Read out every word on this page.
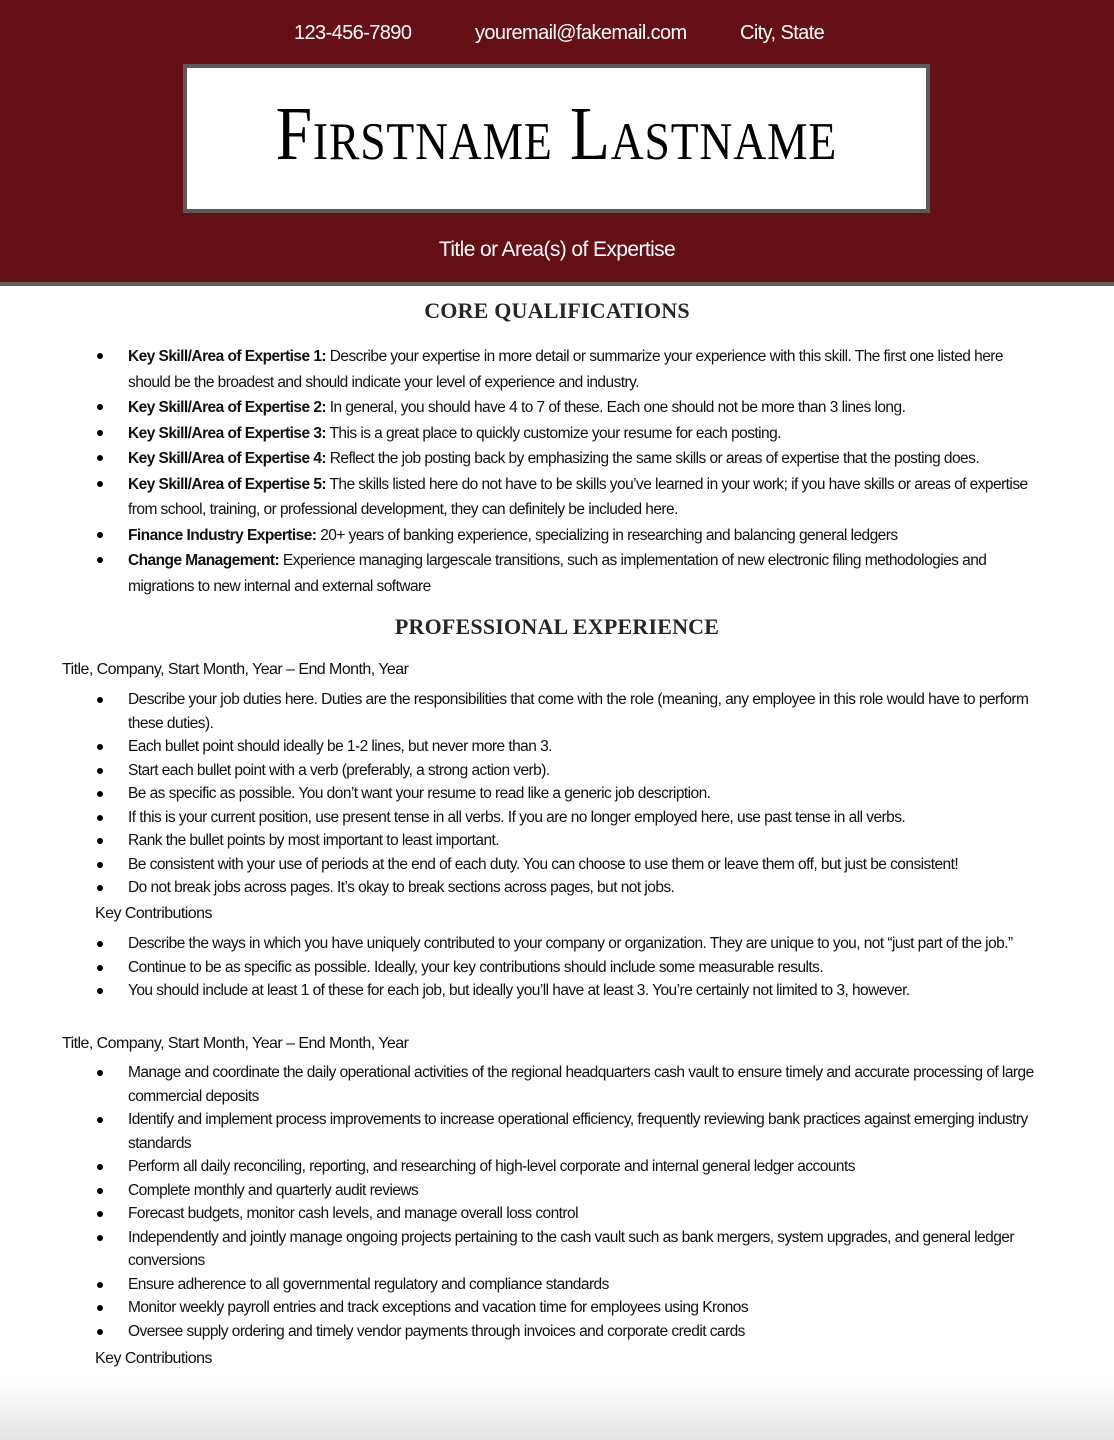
123-456-7890	youremail@fakemail.com	City, State
Firstname Lastname
Title or Area(s) of Expertise
CORE QUALIFICATIONS
Key Skill/Area of Expertise 1: Describe your expertise in more detail or summarize your experience with this skill. The first one listed here should be the broadest and should indicate your level of experience and industry.
Key Skill/Area of Expertise 2: In general, you should have 4 to 7 of these. Each one should not be more than 3 lines long.
Key Skill/Area of Expertise 3: This is a great place to quickly customize your resume for each posting.
Key Skill/Area of Expertise 4: Reflect the job posting back by emphasizing the same skills or areas of expertise that the posting does.
Key Skill/Area of Expertise 5: The skills listed here do not have to be skills you’ve learned in your work; if you have skills or areas of expertise from school, training, or professional development, they can definitely be included here.
Finance Industry Expertise: 20+ years of banking experience, specializing in researching and balancing general ledgers
Change Management: Experience managing largescale transitions, such as implementation of new electronic filing methodologies and migrations to new internal and external software
PROFESSIONAL EXPERIENCE
Title, Company, Start Month, Year – End Month, Year
Describe your job duties here. Duties are the responsibilities that come with the role (meaning, any employee in this role would have to perform these duties).
Each bullet point should ideally be 1-2 lines, but never more than 3.
Start each bullet point with a verb (preferably, a strong action verb).
Be as specific as possible. You don’t want your resume to read like a generic job description.
If this is your current position, use present tense in all verbs. If you are no longer employed here, use past tense in all verbs.
Rank the bullet points by most important to least important.
Be consistent with your use of periods at the end of each duty. You can choose to use them or leave them off, but just be consistent!
Do not break jobs across pages. It’s okay to break sections across pages, but not jobs.
Key Contributions
Describe the ways in which you have uniquely contributed to your company or organization. They are unique to you, not “just part of the job.”
Continue to be as specific as possible. Ideally, your key contributions should include some measurable results.
You should include at least 1 of these for each job, but ideally you’ll have at least 3. You’re certainly not limited to 3, however.
Title, Company, Start Month, Year – End Month, Year
Manage and coordinate the daily operational activities of the regional headquarters cash vault to ensure timely and accurate processing of large commercial deposits
Identify and implement process improvements to increase operational efficiency, frequently reviewing bank practices against emerging industry standards
Perform all daily reconciling, reporting, and researching of high-level corporate and internal general ledger accounts
Complete monthly and quarterly audit reviews
Forecast budgets, monitor cash levels, and manage overall loss control
Independently and jointly manage ongoing projects pertaining to the cash vault such as bank mergers, system upgrades, and general ledger conversions
Ensure adherence to all governmental regulatory and compliance standards
Monitor weekly payroll entries and track exceptions and vacation time for employees using Kronos
Oversee supply ordering and timely vendor payments through invoices and corporate credit cards
Key Contributions
